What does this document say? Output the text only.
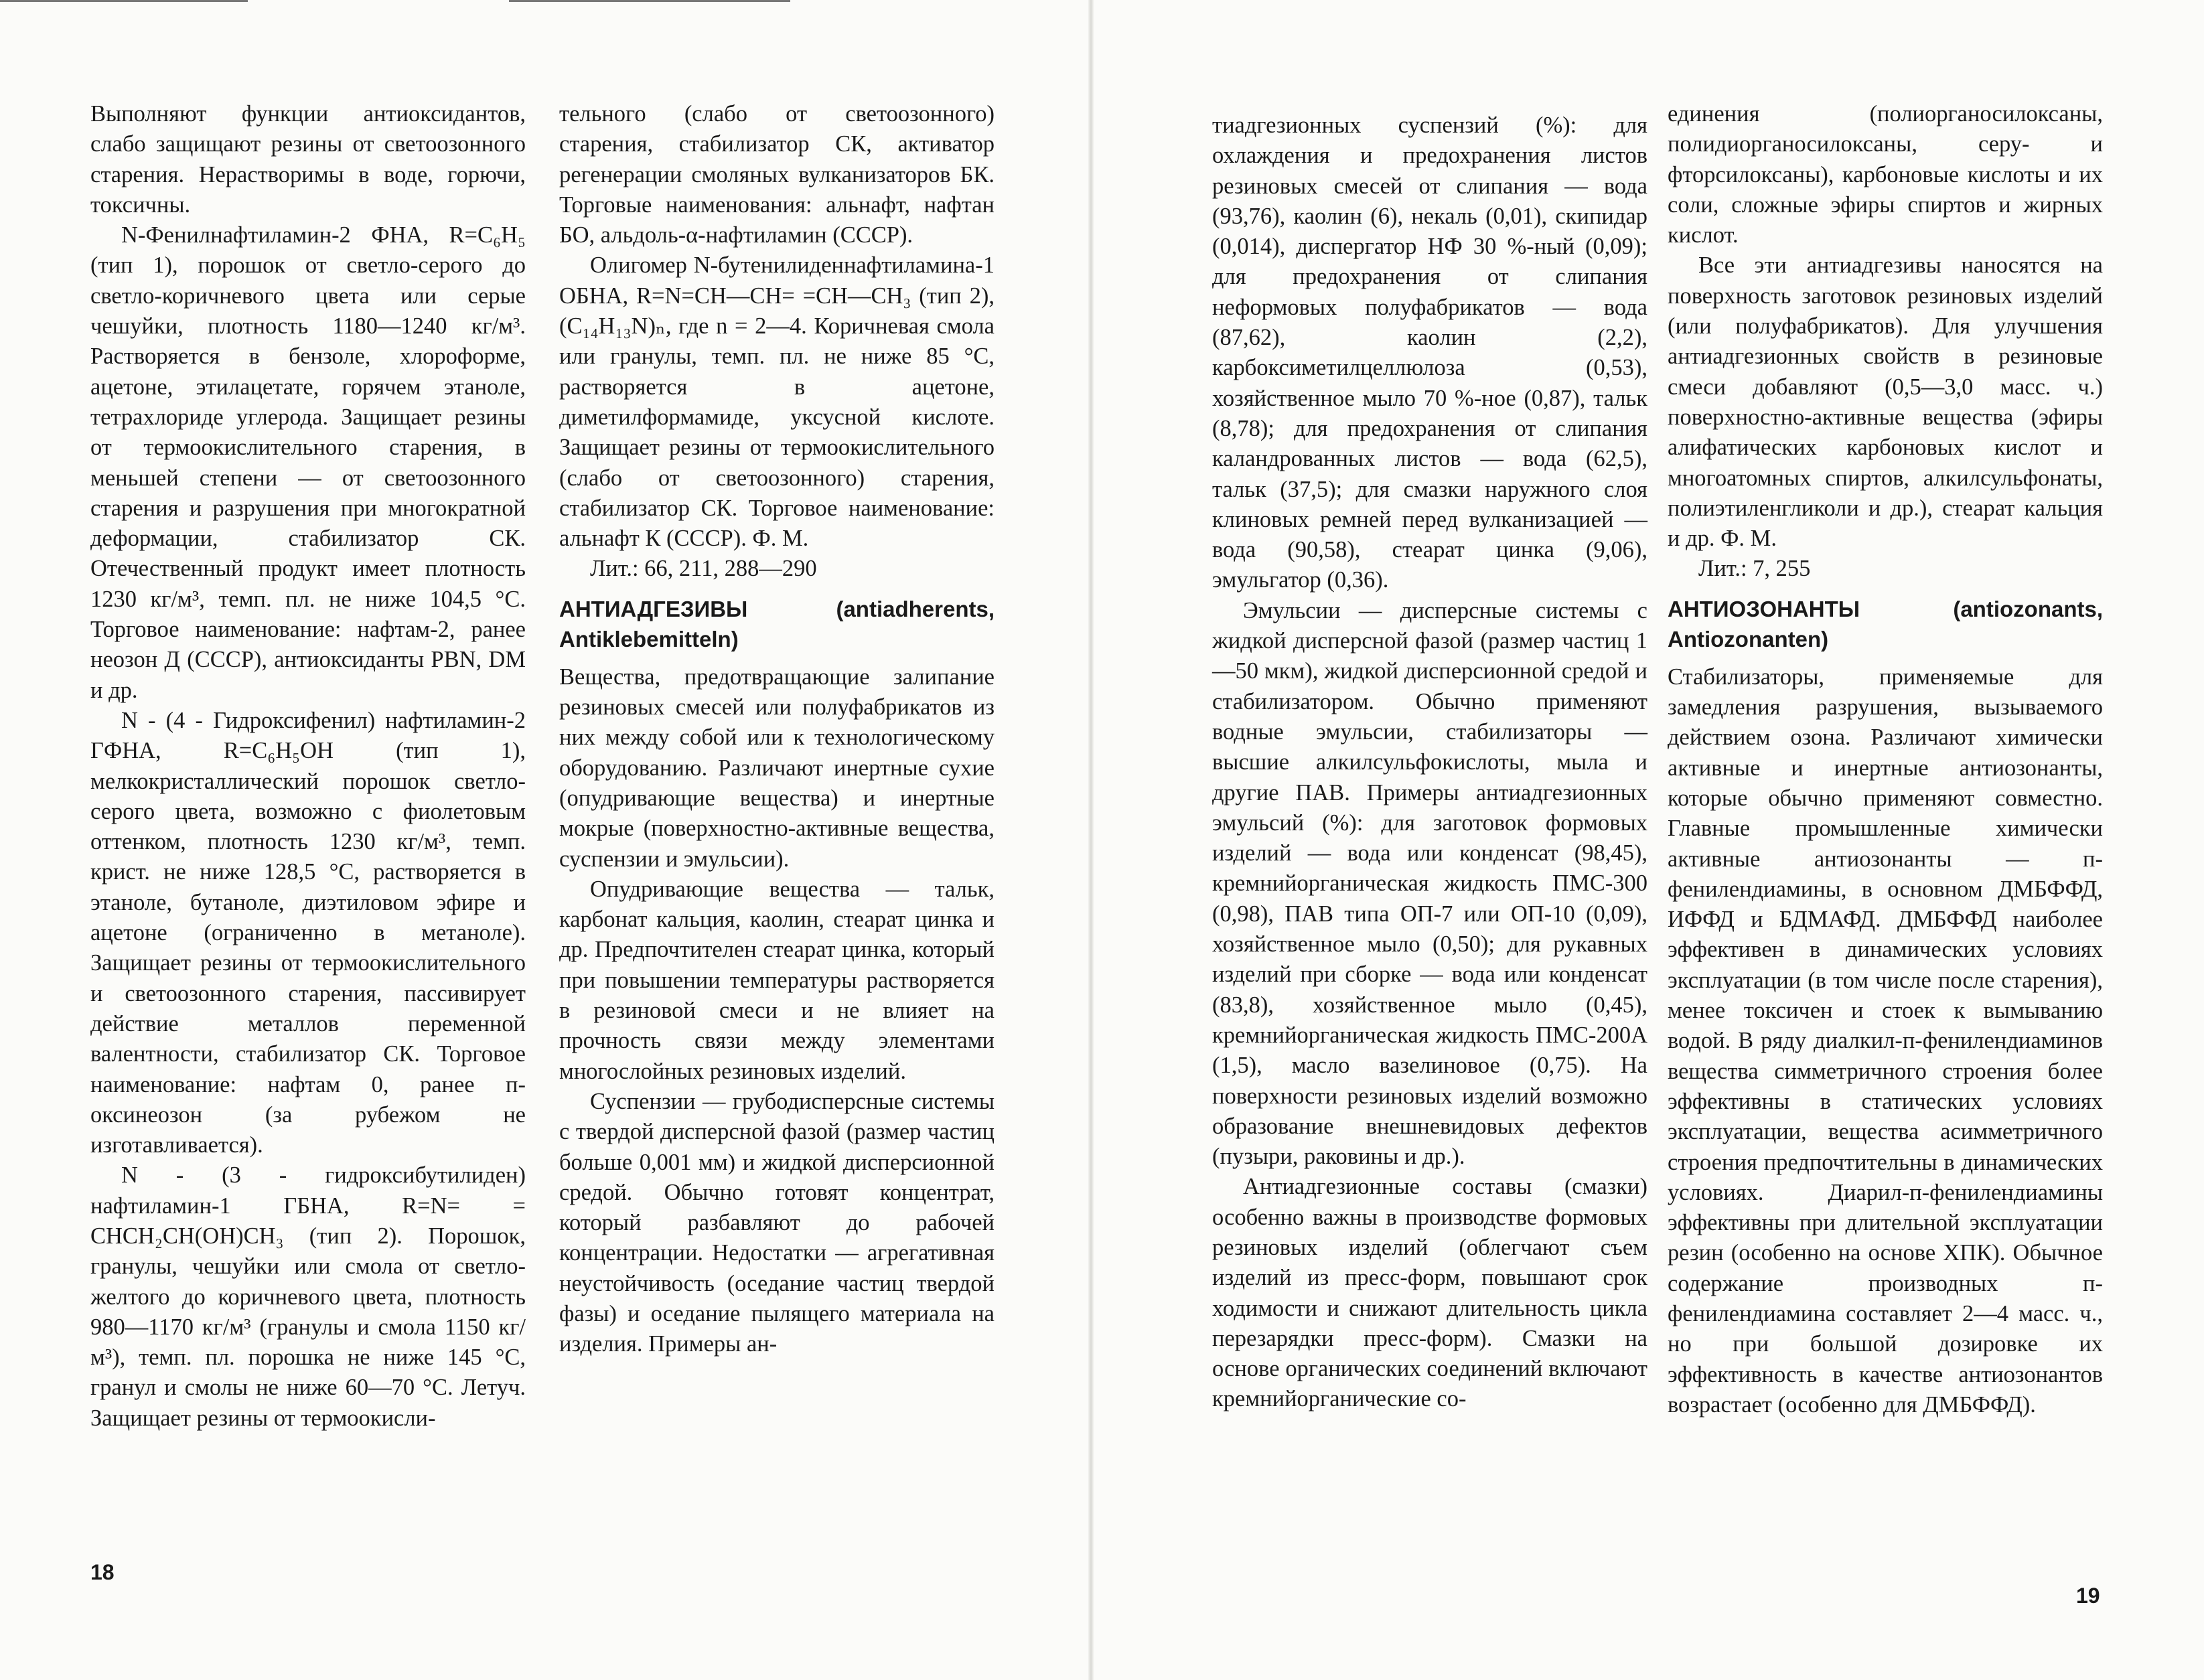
Выполняют функции антиоксидантов, слабо защищают резины от светоозонного старения. Нерастворимы в воде, горючи, токсичны.

N-Фенилнафтиламин-2 ФНА, R=C₆H₅ (тип 1), порошок от светло-серого до светло-коричневого цвета или серые чешуйки, плотность 1180—1240 кг/м³. Растворяется в бензоле, хлороформе, ацетоне, этилацетате, горячем этаноле, тетрахлориде углерода. Защищает резины от термоокислительного старения, в меньшей степени — от светоозонного старения и разрушения при многократной деформации, стабилизатор СК. Отечественный продукт имеет плотность 1230 кг/м³, темп. пл. не ниже 104,5 °С. Торговое наименование: нафтам-2, ранее неозон Д (СССР), антиоксиданты PBN, DM и др.

N - (4 - Гидроксифенил) нафтиламин-2 ГФНА, R=C₆H₅OH (тип 1), мелкокристаллический порошок светло-серого цвета, возможно с фиолетовым оттенком, плотность 1230 кг/м³, темп. крист. не ниже 128,5 °С, растворяется в этаноле, бутаноле, диэтиловом эфире и ацетоне (ограниченно в метаноле). Защищает резины от термоокислительного и светоозонного старения, пассивирует действие металлов переменной валентности, стабилизатор СК. Торговое наименование: нафтам 0, ранее п-оксинеозон (за рубежом не изготавливается).

N - (3 - гидроксибутилиден) нафтиламин-1 ГБНА, R=N= = CHCH₂CH(OH)CH₃ (тип 2). Порошок, гранулы, чешуйки или смола от светло-желтого до коричневого цвета, плотность 980—1170 кг/м³ (гранулы и смола 1150 кг/м³), темп. пл. порошка не ниже 145 °С, гранул и смолы не ниже 60—70 °С. Летуч. Защищает резины от термоокисли-

тельного (слабо от светоозонного) старения, стабилизатор СК, активатор регенерации смоляных вулканизаторов БК. Торговые наименования: альнафт, нафтан БО, альдоль-α-нафтиламин (СССР).

Олигомер N-бутенилиденнафтиламина-1 ОБНА, R=N=CH—CH= =CH—CH₃ (тип 2), (C₁₄H₁₃N)ₙ, где n = 2—4. Коричневая смола или гранулы, темп. пл. не ниже 85 °С, растворяется в ацетоне, диметилформамиде, уксусной кислоте. Защищает резины от термоокислительного (слабо от светоозонного) старения, стабилизатор СК. Торговое наименование: альнафт К (СССР). Ф. М.

Лит.: 66, 211, 288—290

АНТИАДГЕЗИВЫ	(antiadherents,
Antiklebemitteln)

Вещества, предотвращающие залипание резиновых смесей или полуфабрикатов из них между собой или к технологическому оборудованию. Различают инертные сухие (опудривающие вещества) и инертные мокрые (поверхностно-активные вещества, суспензии и эмульсии).

Опудривающие вещества — тальк, карбонат кальция, каолин, стеарат цинка и др. Предпочтителен стеарат цинка, который при повышении температуры растворяется в резиновой смеси и не влияет на прочность связи между элементами многослойных резиновых изделий.

Суспензии — грубодисперсные системы с твердой дисперсной фазой (размер частиц больше 0,001 мм) и жидкой дисперсионной средой. Обычно готовят концентрат, который разбавляют до рабочей концентрации. Недостатки — агрегативная неустойчивость (оседание частиц твердой фазы) и оседание пылящего материала на изделия. Примеры ан-

18

тиадгезионных суспензий (%): для охлаждения и предохранения листов резиновых смесей от слипания — вода (93,76), каолин (6), некаль (0,01), скипидар (0,014), диспергатор НФ 30 %-ный (0,09); для предохранения от слипания неформовых полуфабрикатов — вода (87,62), каолин (2,2), карбоксиметилцеллюлоза (0,53), хозяйственное мыло 70 %-ное (0,87), тальк (8,78); для предохранения от слипания каландрованных листов — вода (62,5), тальк (37,5); для смазки наружного слоя клиновых ремней перед вулканизацией — вода (90,58), стеарат цинка (9,06), эмульгатор (0,36).

Эмульсии — дисперсные системы с жидкой дисперсной фазой (размер частиц 1—50 мкм), жидкой дисперсионной средой и стабилизатором. Обычно применяют водные эмульсии, стабилизаторы — высшие алкилсульфокислоты, мыла и другие ПАВ. Примеры антиадгезионных эмульсий (%): для заготовок формовых изделий — вода или конденсат (98,45), кремнийорганическая жидкость ПМС-300 (0,98), ПАВ типа ОП-7 или ОП-10 (0,09), хозяйственное мыло (0,50); для рукавных изделий при сборке — вода или конденсат (83,8), хозяйственное мыло (0,45), кремнийорганическая жидкость ПМС-200А (1,5), масло вазелиновое (0,75). На поверхности резиновых изделий возможно образование внешневидовых дефектов (пузыри, раковины и др.).

Антиадгезионные составы (смазки) особенно важны в производстве формовых резиновых изделий (облегчают съем изделий из пресс-форм, повышают срок ходимости и снижают длительность цикла перезарядки пресс-форм). Смазки на основе органических соединений включают кремнийорганические со-

единения (полиорганосилоксаны, полидиорганосилоксаны, серу- и фторсилоксаны), карбоновые кислоты и их соли, сложные эфиры спиртов и жирных кислот.

Все эти антиадгезивы наносятся на поверхность заготовок резиновых изделий (или полуфабрикатов). Для улучшения антиадгезионных свойств в резиновые смеси добавляют (0,5—3,0 масс. ч.) поверхностно-активные вещества (эфиры алифатических карбоновых кислот и многоатомных спиртов, алкилсульфонаты, полиэтиленгликоли и др.), стеарат кальция и др. Ф. М.

Лит.: 7, 255

АНТИОЗОНАНТЫ	(antiozonants,
Antiozonanten)

Стабилизаторы, применяемые для замедления разрушения, вызываемого действием озона. Различают химически активные и инертные антиозонанты, которые обычно применяют совместно. Главные промышленные химически активные антиозонанты — п-фенилендиамины, в основном ДМБФФД, ИФФД и БДМАФД. ДМБФФД наиболее эффективен в динамических условиях эксплуатации (в том числе после старения), менее токсичен и стоек к вымыванию водой. В ряду диалкил-п-фенилендиаминов вещества симметричного строения более эффективны в статических условиях эксплуатации, вещества асимметричного строения предпочтительны в динамических условиях. Диарил-п-фенилендиамины эффективны при длительной эксплуатации резин (особенно на основе ХПК). Обычное содержание производных п-фенилендиамина составляет 2—4 масс. ч., но при большой дозировке их эффективность в качестве антиозонантов возрастает (особенно для ДМБФФД).

19
